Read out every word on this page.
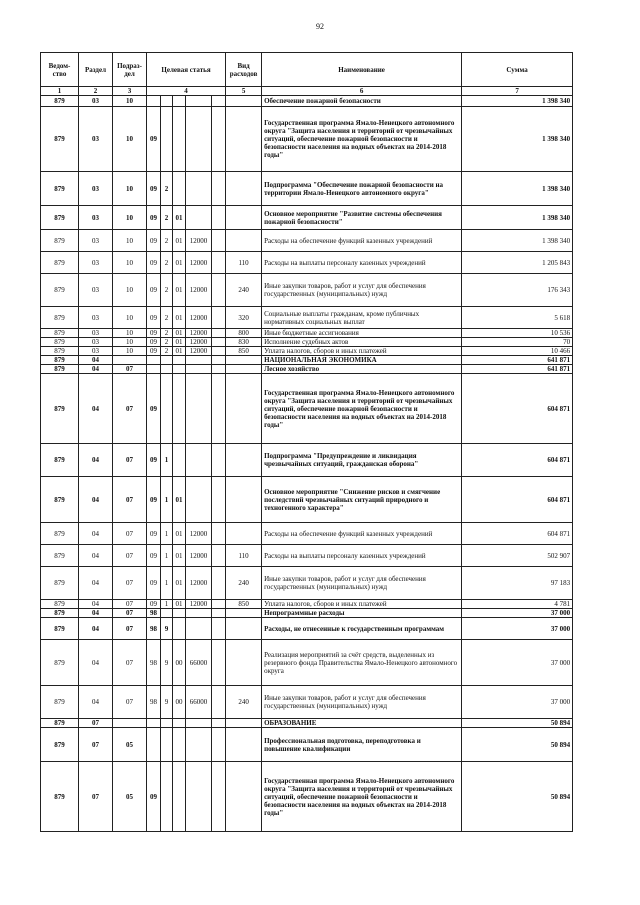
92
Ведом-ство	Раздел	Подраз-дел	Целевая статья					Вид расходов	Наименование	Сумма
1	2	3	4					5	6	7
879	03	10							Обеспечение пожарной безопасности	1 398 340
879	03	10	09						Государственная программа Ямало-Ненецкого автономного округа "Защита населения и территорий от чрезвычайных ситуаций, обеспечение пожарной безопасности и безопасности населения на водных объектах на 2014-2018 годы"	1 398 340
879	03	10	09	2					Подпрограмма "Обеспечение пожарной безопасности на территории Ямало-Ненецкого автономного округа"	1 398 340
879	03	10	09	2	01				Основное мероприятие "Развитие системы обеспечения пожарной безопасности"	1 398 340
879	03	10	09	2	01	12000			Расходы на обеспечение функций казенных учреждений	1 398 340
879	03	10	09	2	01	12000		110	Расходы на выплаты персоналу казенных учреждений	1 205 843
879	03	10	09	2	01	12000		240	Иные закупки товаров, работ и услуг для обеспечения государственных (муниципальных) нужд	176 343
879	03	10	09	2	01	12000		320	Социальные выплаты гражданам, кроме публичных нормативных социальных выплат	5 618
879	03	10	09	2	01	12000		800	Иные бюджетные ассигнования	10 536
879	03	10	09	2	01	12000		830	Исполнение судебных актов	70
879	03	10	09	2	01	12000		850	Уплата налогов, сборов и иных платежей	10 466
879	04								НАЦИОНАЛЬНАЯ ЭКОНОМИКА	641 871
879	04	07							Лесное хозяйство	641 871
879	04	07	09						Государственная программа Ямало-Ненецкого автономного округа "Защита населения и территорий от чрезвычайных ситуаций, обеспечение пожарной безопасности и безопасности населения на водных объектах на 2014-2018 годы"	604 871
879	04	07	09	1					Подпрограмма "Предупреждение и ликвидация чрезвычайных ситуаций, гражданская оборона"	604 871
879	04	07	09	1	01				Основное мероприятие "Снижение рисков и смягчение последствий чрезвычайных ситуаций природного и техногенного характера"	604 871
879	04	07	09	1	01	12000			Расходы на обеспечение функций казенных учреждений	604 871
879	04	07	09	1	01	12000		110	Расходы на выплаты персоналу казенных учреждений	502 907
879	04	07	09	1	01	12000		240	Иные закупки товаров, работ и услуг для обеспечения государственных (муниципальных) нужд	97 183
879	04	07	09	1	01	12000		850	Уплата налогов, сборов и иных платежей	4 781
879	04	07	98						Непрограммные расходы	37 000
879	04	07	98	9					Расходы, не отнесенные к государственным программам	37 000
879	04	07	98	9	00	66000			Реализация мероприятий за счёт средств, выделенных из резервного фонда Правительства Ямало-Ненецкого автономного округа	37 000
879	04	07	98	9	00	66000		240	Иные закупки товаров, работ и услуг для обеспечения государственных (муниципальных) нужд	37 000
879	07								ОБРАЗОВАНИЕ	50 894
879	07	05							Профессиональная подготовка, переподготовка и повышение квалификации	50 894
879	07	05	09						Государственная программа Ямало-Ненецкого автономного округа "Защита населения и территорий от чрезвычайных ситуаций, обеспечение пожарной безопасности и безопасности населения на водных объектах на 2014-2018 годы"	50 894
